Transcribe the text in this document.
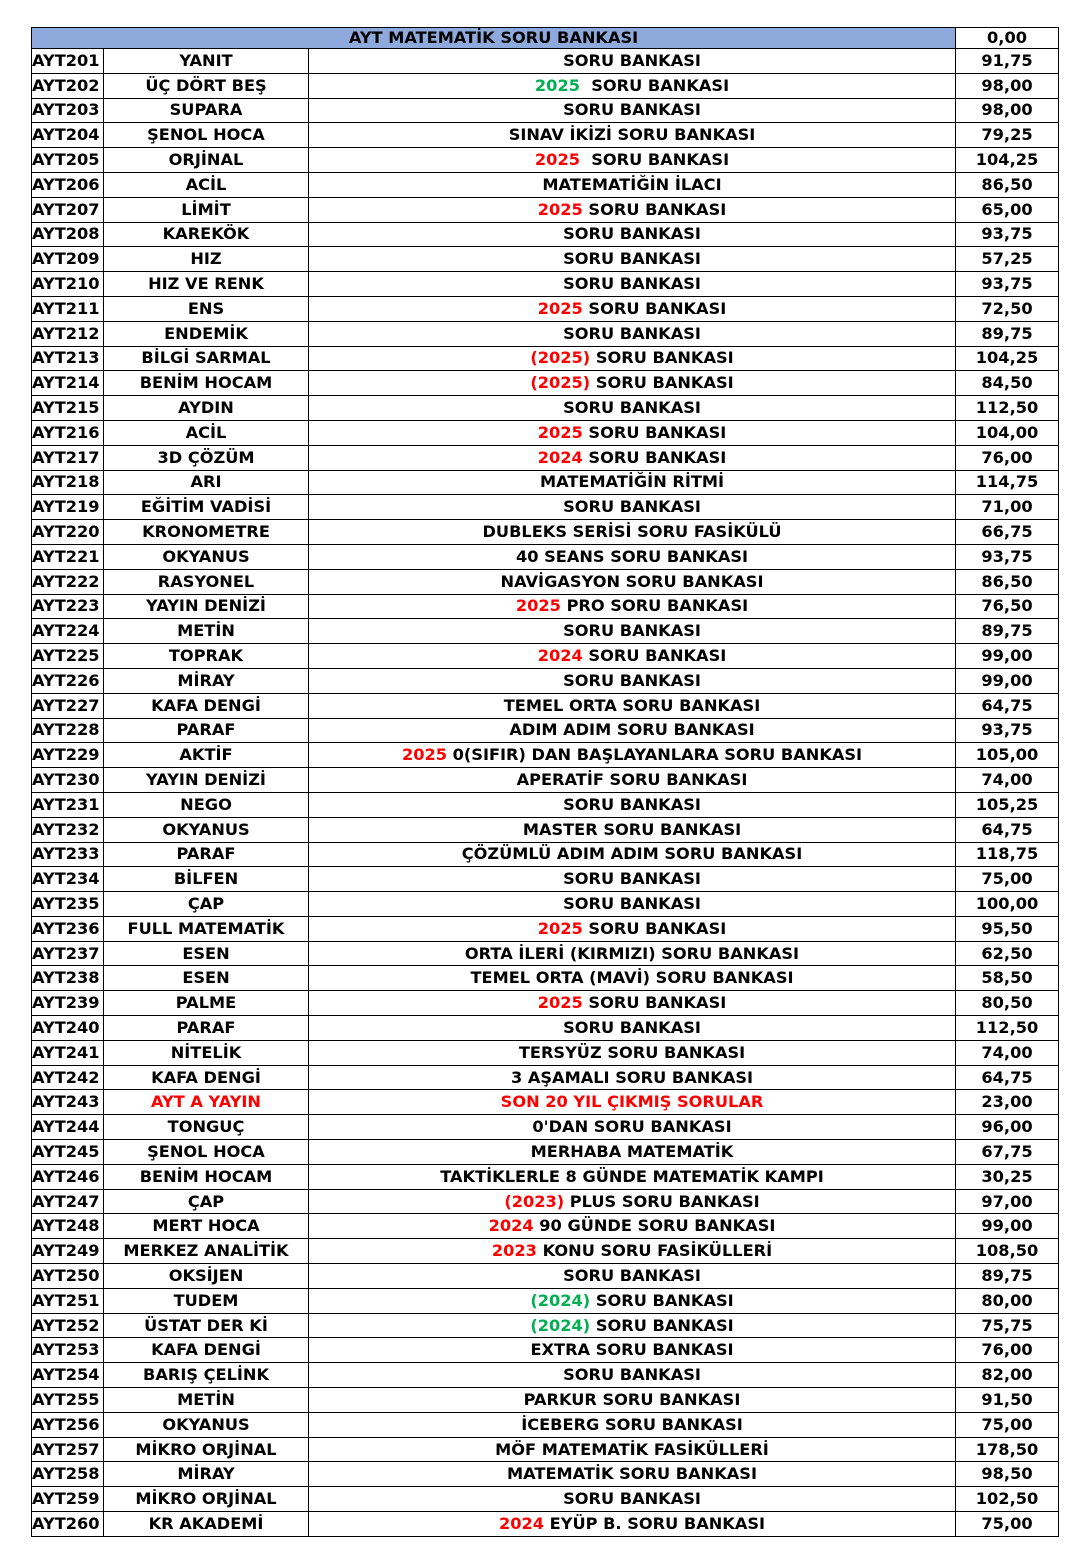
AYT MATEMATİK SORU BANKASI			0,00
AYT201	YANIT	SORU BANKASI	91,75
AYT202	ÜÇ DÖRT BEŞ	2025  SORU BANKASI	98,00
AYT203	SUPARA	SORU BANKASI	98,00
AYT204	ŞENOL HOCA	SINAV İKİZİ SORU BANKASI	79,25
AYT205	ORJİNAL	2025  SORU BANKASI	104,25
AYT206	ACİL	MATEMATİĞİN İLACI	86,50
AYT207	LİMİT	2025 SORU BANKASI	65,00
AYT208	KAREKÖK	SORU BANKASI	93,75
AYT209	HIZ	SORU BANKASI	57,25
AYT210	HIZ VE RENK	SORU BANKASI	93,75
AYT211	ENS	2025 SORU BANKASI	72,50
AYT212	ENDEMİK	SORU BANKASI	89,75
AYT213	BİLGİ SARMAL	(2025) SORU BANKASI	104,25
AYT214	BENİM HOCAM	(2025) SORU BANKASI	84,50
AYT215	AYDIN	SORU BANKASI	112,50
AYT216	ACİL	2025 SORU BANKASI	104,00
AYT217	3D ÇÖZÜM	2024 SORU BANKASI	76,00
AYT218	ARI	MATEMATİĞİN RİTMİ	114,75
AYT219	EĞİTİM VADİSİ	SORU BANKASI	71,00
AYT220	KRONOMETRE	DUBLEKS SERİSİ SORU FASİKÜLÜ	66,75
AYT221	OKYANUS	40 SEANS SORU BANKASI	93,75
AYT222	RASYONEL	NAVİGASYON SORU BANKASI	86,50
AYT223	YAYIN DENİZİ	2025 PRO SORU BANKASI	76,50
AYT224	METİN	SORU BANKASI	89,75
AYT225	TOPRAK	2024 SORU BANKASI	99,00
AYT226	MİRAY	SORU BANKASI	99,00
AYT227	KAFA DENGİ	TEMEL ORTA SORU BANKASI	64,75
AYT228	PARAF	ADIM ADIM SORU BANKASI	93,75
AYT229	AKTİF	2025 0(SIFIR) DAN BAŞLAYANLARA SORU BANKASI	105,00
AYT230	YAYIN DENİZİ	APERATİF SORU BANKASI	74,00
AYT231	NEGO	SORU BANKASI	105,25
AYT232	OKYANUS	MASTER SORU BANKASI	64,75
AYT233	PARAF	ÇÖZÜMLÜ ADIM ADIM SORU BANKASI	118,75
AYT234	BİLFEN	SORU BANKASI	75,00
AYT235	ÇAP	SORU BANKASI	100,00
AYT236	FULL MATEMATİK	2025 SORU BANKASI	95,50
AYT237	ESEN	ORTA İLERİ (KIRMIZI) SORU BANKASI	62,50
AYT238	ESEN	TEMEL ORTA (MAVİ) SORU BANKASI	58,50
AYT239	PALME	2025 SORU BANKASI	80,50
AYT240	PARAF	SORU BANKASI	112,50
AYT241	NİTELİK	TERSYÜZ SORU BANKASI	74,00
AYT242	KAFA DENGİ	3 AŞAMALI SORU BANKASI	64,75
AYT243	AYT A YAYIN	SON 20 YIL ÇIKMIŞ SORULAR	23,00
AYT244	TONGUÇ	0'DAN SORU BANKASI	96,00
AYT245	ŞENOL HOCA	MERHABA MATEMATİK	67,75
AYT246	BENİM HOCAM	TAKTİKLERLE 8 GÜNDE MATEMATİK KAMPI	30,25
AYT247	ÇAP	(2023) PLUS SORU BANKASI	97,00
AYT248	MERT HOCA	2024 90 GÜNDE SORU BANKASI	99,00
AYT249	MERKEZ ANALİTİK	2023 KONU SORU FASİKÜLLERİ	108,50
AYT250	OKSİJEN	SORU BANKASI	89,75
AYT251	TUDEM	(2024) SORU BANKASI	80,00
AYT252	ÜSTAT DER Kİ	(2024) SORU BANKASI	75,75
AYT253	KAFA DENGİ	EXTRA SORU BANKASI	76,00
AYT254	BARIŞ ÇELİNK	SORU BANKASI	82,00
AYT255	METİN	PARKUR SORU BANKASI	91,50
AYT256	OKYANUS	İCEBERG SORU BANKASI	75,00
AYT257	MİKRO ORJİNAL	MÖF MATEMATİK FASİKÜLLERİ	178,50
AYT258	MİRAY	MATEMATİK SORU BANKASI	98,50
AYT259	MİKRO ORJİNAL	SORU BANKASI	102,50
AYT260	KR AKADEMİ	2024 EYÜP B. SORU BANKASI	75,00
